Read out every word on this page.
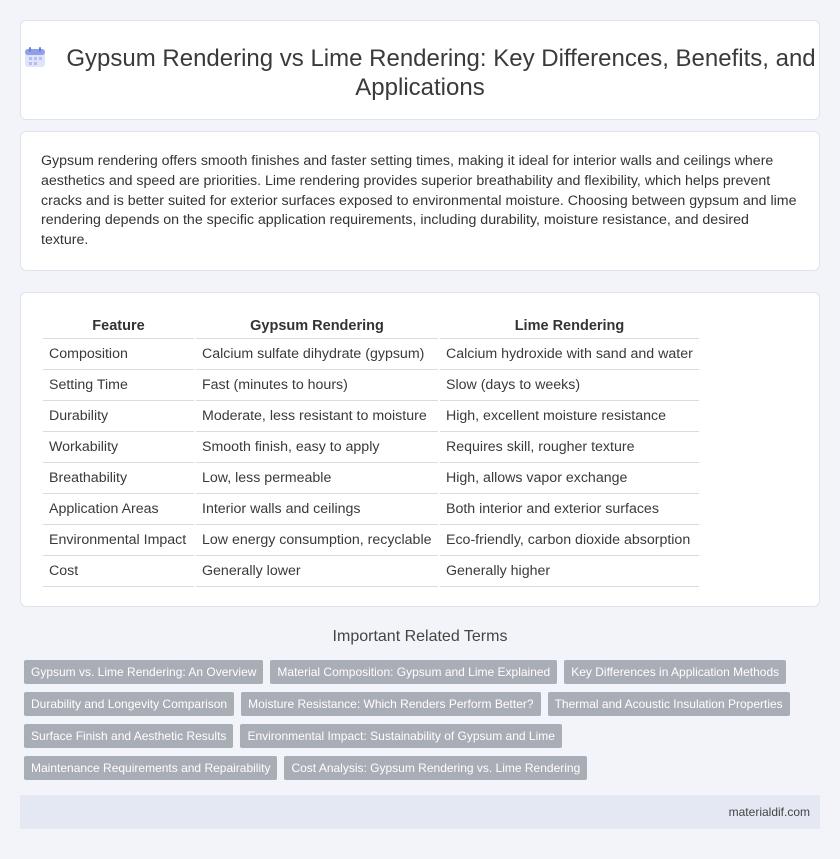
Gypsum Rendering vs Lime Rendering: Key Differences, Benefits, and Applications

Gypsum rendering offers smooth finishes and faster setting times, making it ideal for interior walls and ceilings where aesthetics and speed are priorities. Lime rendering provides superior breathability and flexibility, which helps prevent cracks and is better suited for exterior surfaces exposed to environmental moisture. Choosing between gypsum and lime rendering depends on the specific application requirements, including durability, moisture resistance, and desired texture.

Feature	Gypsum Rendering	Lime Rendering
Composition	Calcium sulfate dihydrate (gypsum)	Calcium hydroxide with sand and water
Setting Time	Fast (minutes to hours)	Slow (days to weeks)
Durability	Moderate, less resistant to moisture	High, excellent moisture resistance
Workability	Smooth finish, easy to apply	Requires skill, rougher texture
Breathability	Low, less permeable	High, allows vapor exchange
Application Areas	Interior walls and ceilings	Both interior and exterior surfaces
Environmental Impact	Low energy consumption, recyclable	Eco-friendly, carbon dioxide absorption
Cost	Generally lower	Generally higher
Important Related Terms
Gypsum vs. Lime Rendering: An Overview	Material Composition: Gypsum and Lime Explained	Key Differences in Application Methods
Durability and Longevity Comparison	Moisture Resistance: Which Renders Perform Better?	Thermal and Acoustic Insulation Properties
Surface Finish and Aesthetic Results	Environmental Impact: Sustainability of Gypsum and Lime
Maintenance Requirements and Repairability	Cost Analysis: Gypsum Rendering vs. Lime Rendering
materialdif.com
